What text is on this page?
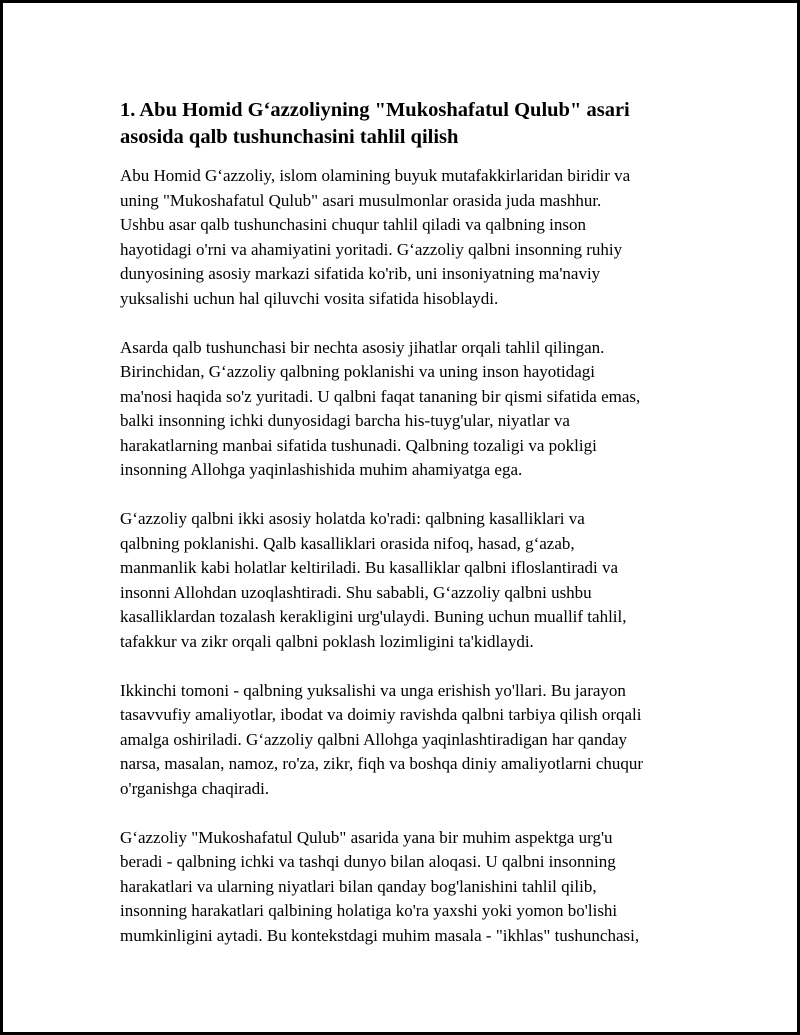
1. Abu Homid G‘azzoliyning "Mukoshafatul Qulub" asari
asosida qalb tushunchasini tahlil qilish

Abu Homid G‘azzoliy, islom olamining buyuk mutafakkirlaridan biridir va
uning "Mukoshafatul Qulub" asari musulmonlar orasida juda mashhur.
Ushbu asar qalb tushunchasini chuqur tahlil qiladi va qalbning inson
hayotidagi o'rni va ahamiyatini yoritadi. G‘azzoliy qalbni insonning ruhiy
dunyosining asosiy markazi sifatida ko'rib, uni insoniyatning ma'naviy
yuksalishi uchun hal qiluvchi vosita sifatida hisoblaydi.

Asarda qalb tushunchasi bir nechta asosiy jihatlar orqali tahlil qilingan.
Birinchidan, G‘azzoliy qalbning poklanishi va uning inson hayotidagi
ma'nosi haqida so'z yuritadi. U qalbni faqat tananing bir qismi sifatida emas,
balki insonning ichki dunyosidagi barcha his-tuyg'ular, niyatlar va
harakatlarning manbai sifatida tushunadi. Qalbning tozaligi va pokligi
insonning Allohga yaqinlashishida muhim ahamiyatga ega.

G‘azzoliy qalbni ikki asosiy holatda ko'radi: qalbning kasalliklari va
qalbning poklanishi. Qalb kasalliklari orasida nifoq, hasad, g‘azab,
manmanlik kabi holatlar keltiriladi. Bu kasalliklar qalbni ifloslantiradi va
insonni Allohdan uzoqlashtiradi. Shu sababli, G‘azzoliy qalbni ushbu
kasalliklardan tozalash kerakligini urg'ulaydi. Buning uchun muallif tahlil,
tafakkur va zikr orqali qalbni poklash lozimligini ta'kidlaydi.

Ikkinchi tomoni - qalbning yuksalishi va unga erishish yo'llari. Bu jarayon
tasavvufiy amaliyotlar, ibodat va doimiy ravishda qalbni tarbiya qilish orqali
amalga oshiriladi. G‘azzoliy qalbni Allohga yaqinlashtiradigan har qanday
narsa, masalan, namoz, ro'za, zikr, fiqh va boshqa diniy amaliyotlarni chuqur
o'rganishga chaqiradi.

G‘azzoliy "Mukoshafatul Qulub" asarida yana bir muhim aspektga urg'u
beradi - qalbning ichki va tashqi dunyo bilan aloqasi. U qalbni insonning
harakatlari va ularning niyatlari bilan qanday bog'lanishini tahlil qilib,
insonning harakatlari qalbining holatiga ko'ra yaxshi yoki yomon bo'lishi
mumkinligini aytadi. Bu kontekstdagi muhim masala - "ikhlas" tushunchasi,
